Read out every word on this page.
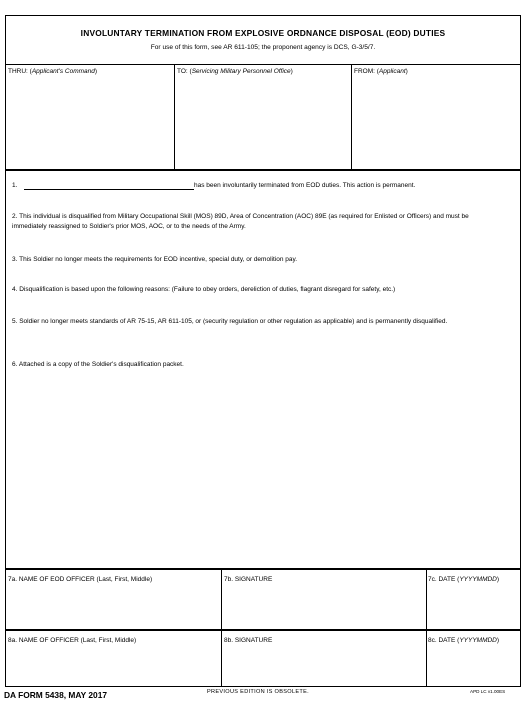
INVOLUNTARY TERMINATION FROM EXPLOSIVE ORDNANCE DISPOSAL (EOD) DUTIES
For use of this form, see AR 611-105; the proponent agency is DCS, G-3/5/7.
THRU: (Applicant's Command)	TO: (Servicing Military Personnel Office)	FROM: (Applicant)
1.	has been involuntarily terminated from EOD duties. This action is permanent.
2. This individual is disqualified from Military Occupational Skill (MOS) 89D, Area of Concentration (AOC) 89E (as required for Enlisted or Officers) and must be immediately reassigned to Soldier's prior MOS, AOC, or to the needs of the Army.
3. This Soldier no longer meets the requirements for EOD incentive, special duty, or demolition pay.
4. Disqualification is based upon the following reasons: (Failure to obey orders, dereliction of duties, flagrant disregard for safety, etc.)
5. Soldier no longer meets standards of AR 75-15, AR 611-105, or (security regulation or other regulation as applicable) and is permanently disqualified.
6. Attached is a copy of the Soldier's disqualification packet.
7a. NAME OF EOD OFFICER (Last, First, Middle)	7b. SIGNATURE	7c. DATE (YYYYMMDD)
8a. NAME OF OFFICER (Last, First, Middle)	8b. SIGNATURE	8c. DATE (YYYYMMDD)
DA FORM 5438, MAY 2017	PREVIOUS EDITION IS OBSOLETE.	APD LC v1.00ES
